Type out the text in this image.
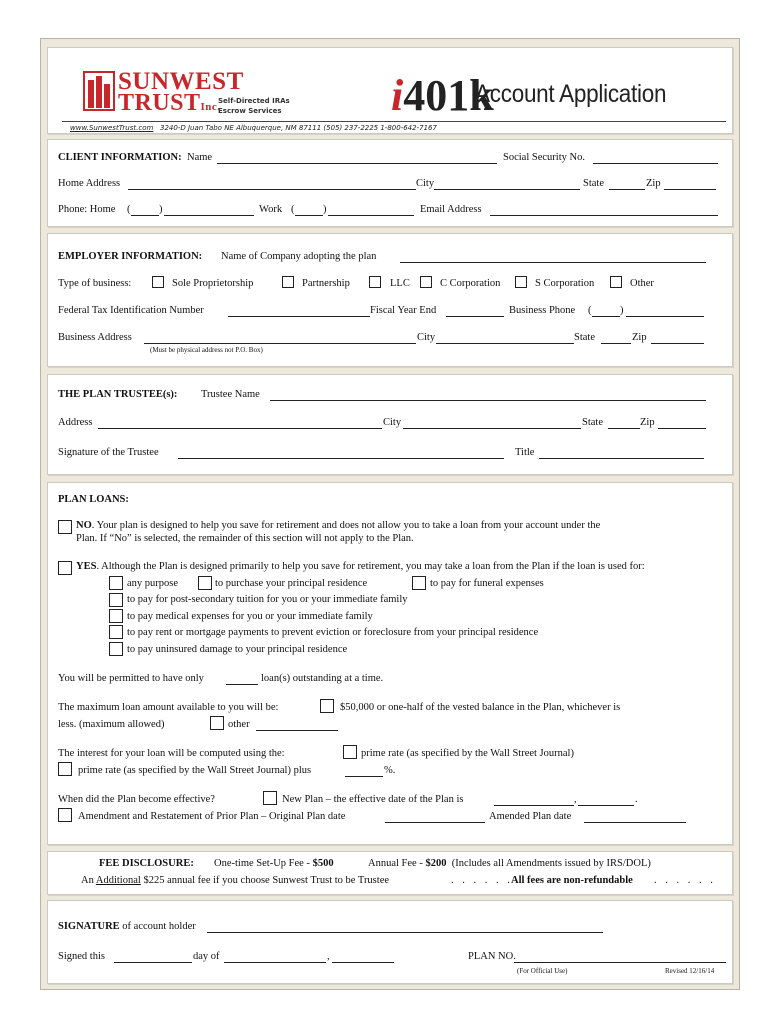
SUNWEST
TRUSTInc.
Self-Directed IRAs
Escrow Services i401k
Account Application
www.SunwestTrust.com 3240-D Juan Tabo NE Albuquerque, NM 87111 (505) 237-2225 1-800-642-7167
CLIENT INFORMATION: Name	Social Security No.
Home Address	City	State	Zip
Phone: Home (	)	Work (	)	Email Address
EMPLOYER INFORMATION: Name of Company adopting the plan
Type of business:	Sole Proprietorship	Partnership	LLC	C Corporation	S Corporation	Other
Federal Tax Identification Number	Fiscal Year End	Business Phone (	)
Business Address	City	State	Zip
(Must be physical address not P.O. Box)
THE PLAN TRUSTEE(s): Trustee Name
Address	City	State	Zip
Signature of the Trustee	Title
PLAN LOANS:
NO. Your plan is designed to help you save for retirement and does not allow you to take a loan from your account under the
Plan. If “No” is selected, the remainder of this section will not apply to the Plan.
YES. Although the Plan is designed primarily to help you save for retirement, you may take a loan from the Plan if the loan is used for:
any purpose	to purchase your principal residence	to pay for funeral expenses
to pay for post-secondary tuition for you or your immediate family
to pay medical expenses for you or your immediate family
to pay rent or mortgage payments to prevent eviction or foreclosure from your principal residence
to pay uninsured damage to your principal residence
You will be permitted to have only	loan(s) outstanding at a time.
The maximum loan amount available to you will be:	$50,000 or one-half of the vested balance in the Plan, whichever is
less. (maximum allowed)	other
The interest for your loan will be computed using the:	prime rate (as specified by the Wall Street Journal)
prime rate (as specified by the Wall Street Journal) plus	%.
When did the Plan become effective?	New Plan – the effective date of the Plan is	,	.
Amendment and Restatement of Prior Plan – Original Plan date	Amended Plan date
FEE DISCLOSURE: One-time Set-Up Fee - $500	Annual Fee - $200 (Includes all Amendments issued by IRS/DOL)
An Additional $225 annual fee if you choose Sunwest Trust to be Trustee	. . . . . .
All fees are non-refundable . . . . . .
SIGNATURE of account holder
Signed this	day of	,	PLAN NO.
(For Official Use)	Revised 12/16/14
